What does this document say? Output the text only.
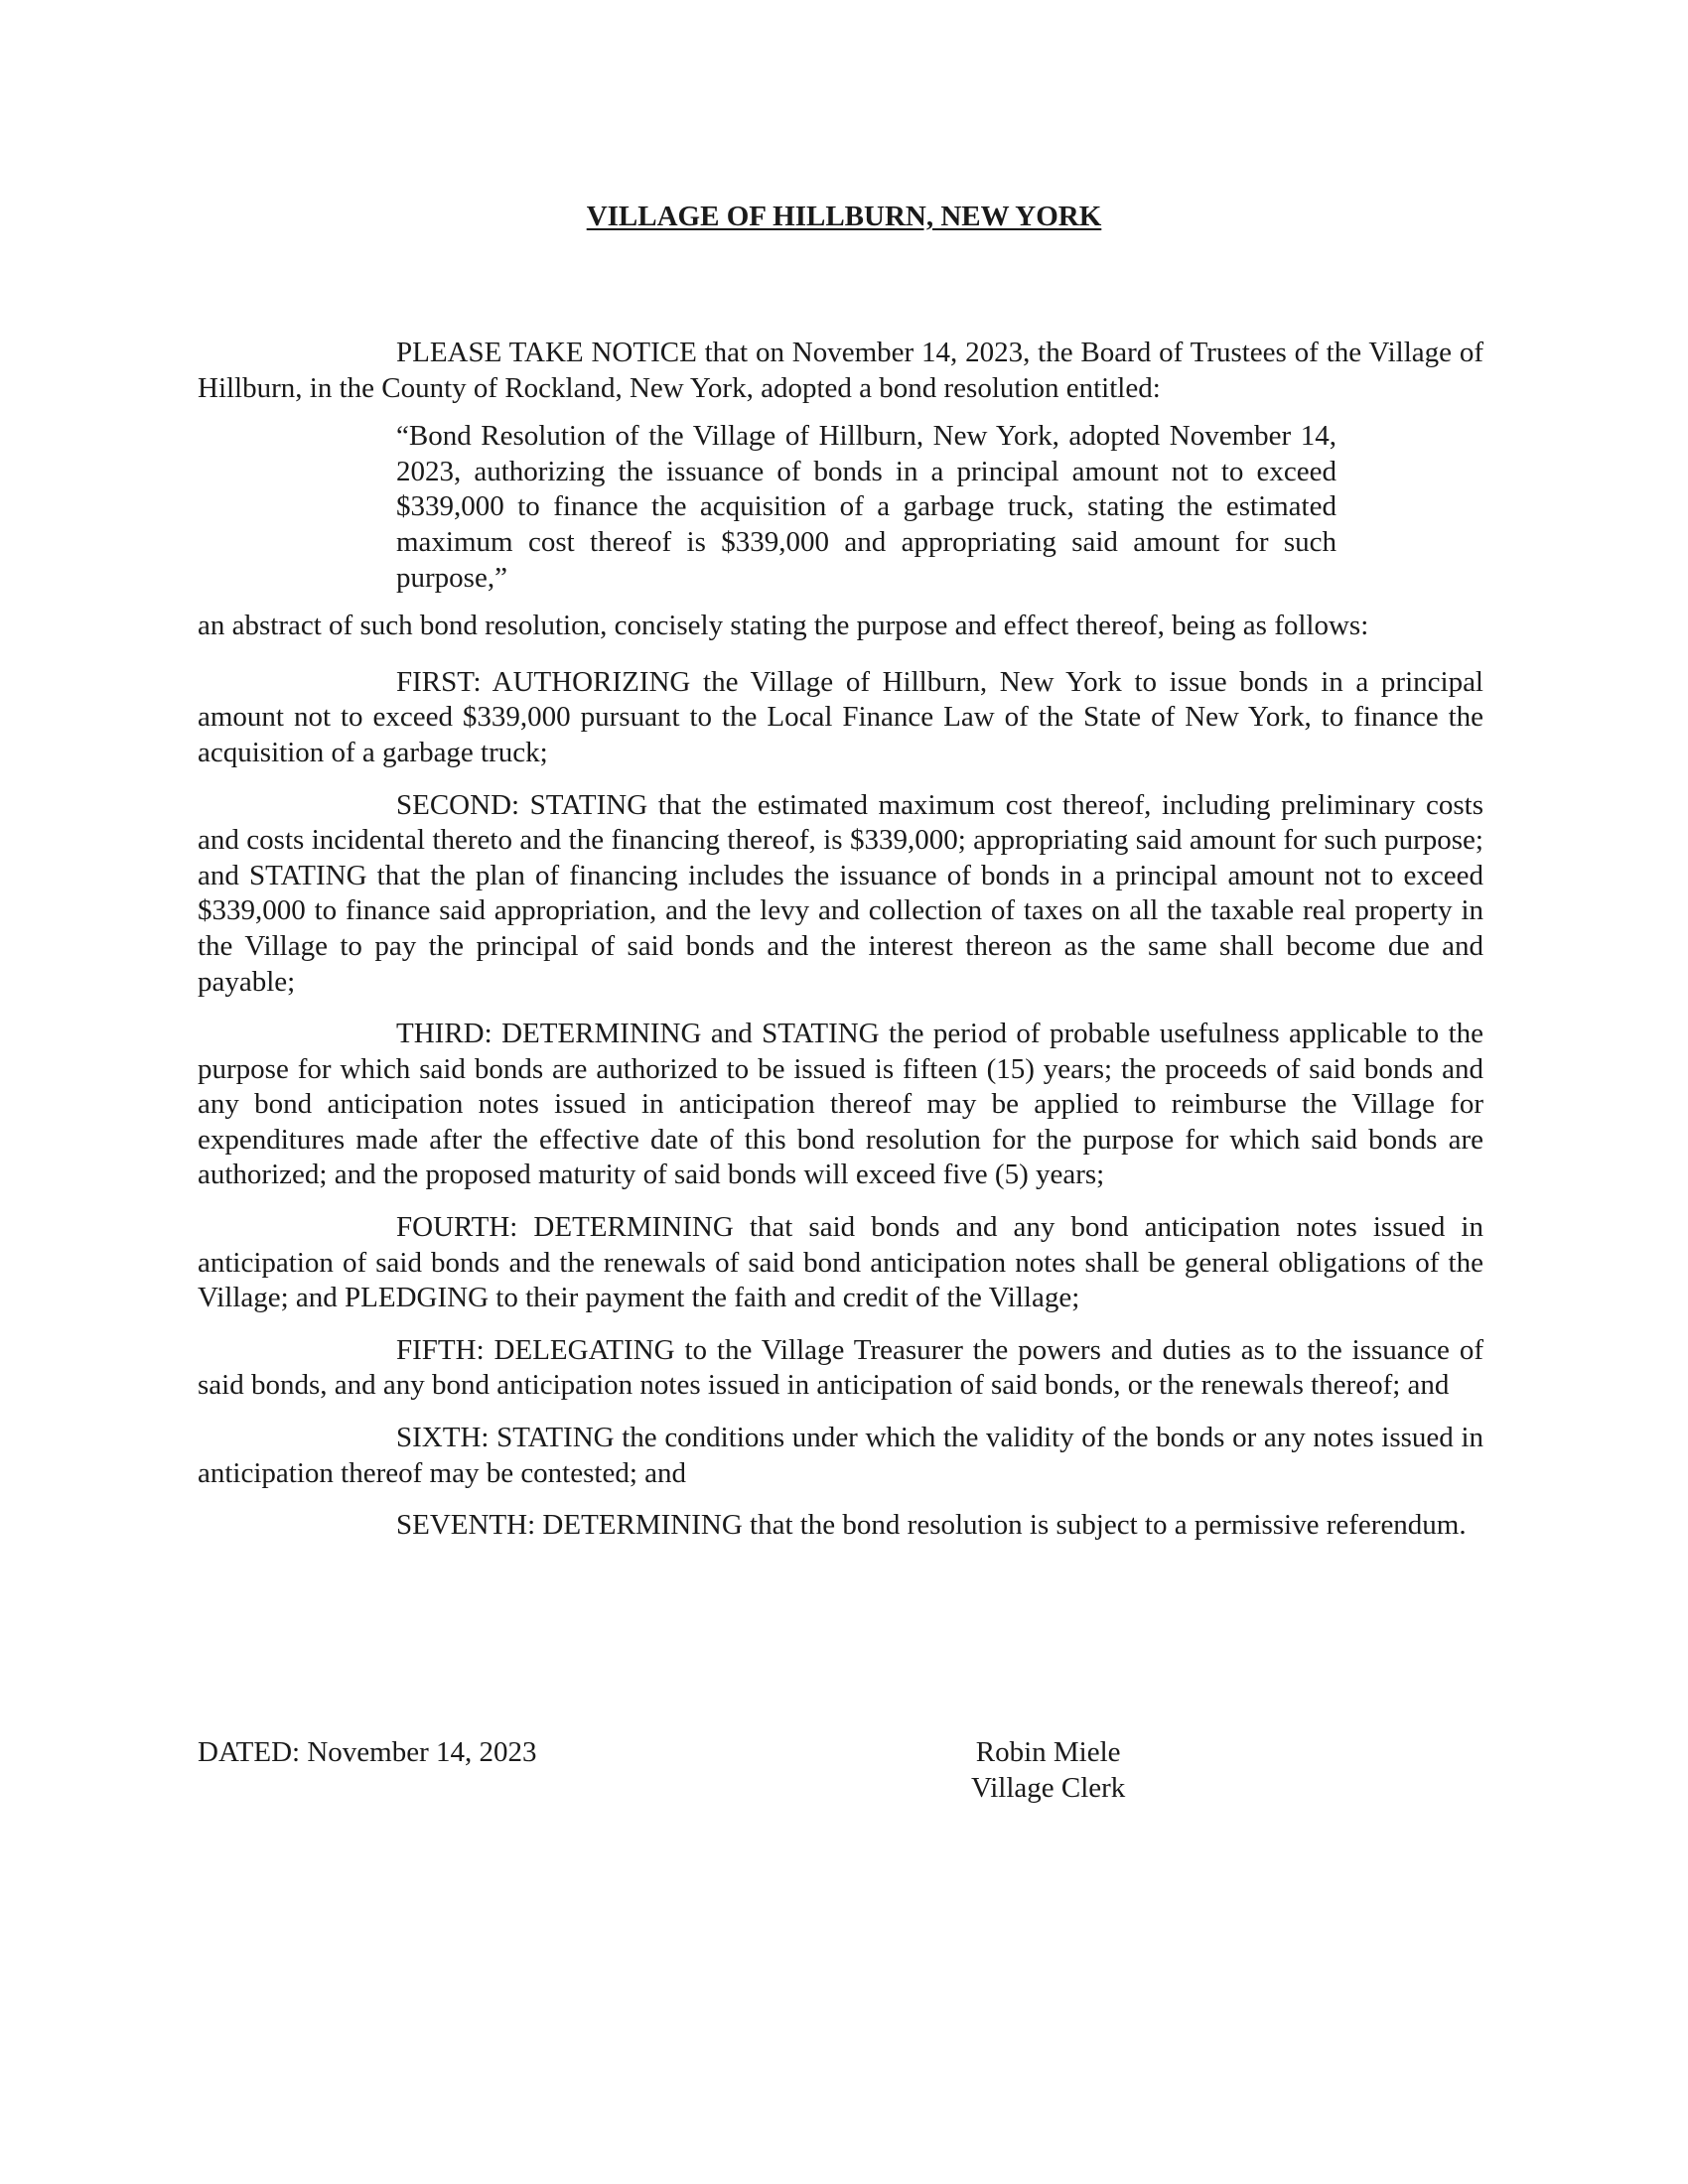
VILLAGE OF HILLBURN, NEW YORK

PLEASE TAKE NOTICE that on November 14, 2023, the Board of Trustees of the Village of Hillburn, in the County of Rockland, New York, adopted a bond resolution entitled:

“Bond Resolution of the Village of Hillburn, New York, adopted November 14, 2023, authorizing the issuance of bonds in a principal amount not to exceed $339,000 to finance the acquisition of a garbage truck, stating the estimated maximum cost thereof is $339,000 and appropriating said amount for such purpose,”

an abstract of such bond resolution, concisely stating the purpose and effect thereof, being as follows:

FIRST: AUTHORIZING the Village of Hillburn, New York to issue bonds in a principal amount not to exceed $339,000 pursuant to the Local Finance Law of the State of New York, to finance the acquisition of a garbage truck;

SECOND: STATING that the estimated maximum cost thereof, including preliminary costs and costs incidental thereto and the financing thereof, is $339,000; appropriating said amount for such purpose; and STATING that the plan of financing includes the issuance of bonds in a principal amount not to exceed $339,000 to finance said appropriation, and the levy and collection of taxes on all the taxable real property in the Village to pay the principal of said bonds and the interest thereon as the same shall become due and payable;

THIRD: DETERMINING and STATING the period of probable usefulness applicable to the purpose for which said bonds are authorized to be issued is fifteen (15) years; the proceeds of said bonds and any bond anticipation notes issued in anticipation thereof may be applied to reimburse the Village for expenditures made after the effective date of this bond resolution for the purpose for which said bonds are authorized; and the proposed maturity of said bonds will exceed five (5) years;

FOURTH: DETERMINING that said bonds and any bond anticipation notes issued in anticipation of said bonds and the renewals of said bond anticipation notes shall be general obligations of the Village; and PLEDGING to their payment the faith and credit of the Village;

FIFTH: DELEGATING to the Village Treasurer the powers and duties as to the issuance of said bonds, and any bond anticipation notes issued in anticipation of said bonds, or the renewals thereof; and

SIXTH: STATING the conditions under which the validity of the bonds or any notes issued in anticipation thereof may be contested; and

SEVENTH: DETERMINING that the bond resolution is subject to a permissive referendum.

DATED: November 14, 2023	Robin Miele
Village Clerk
